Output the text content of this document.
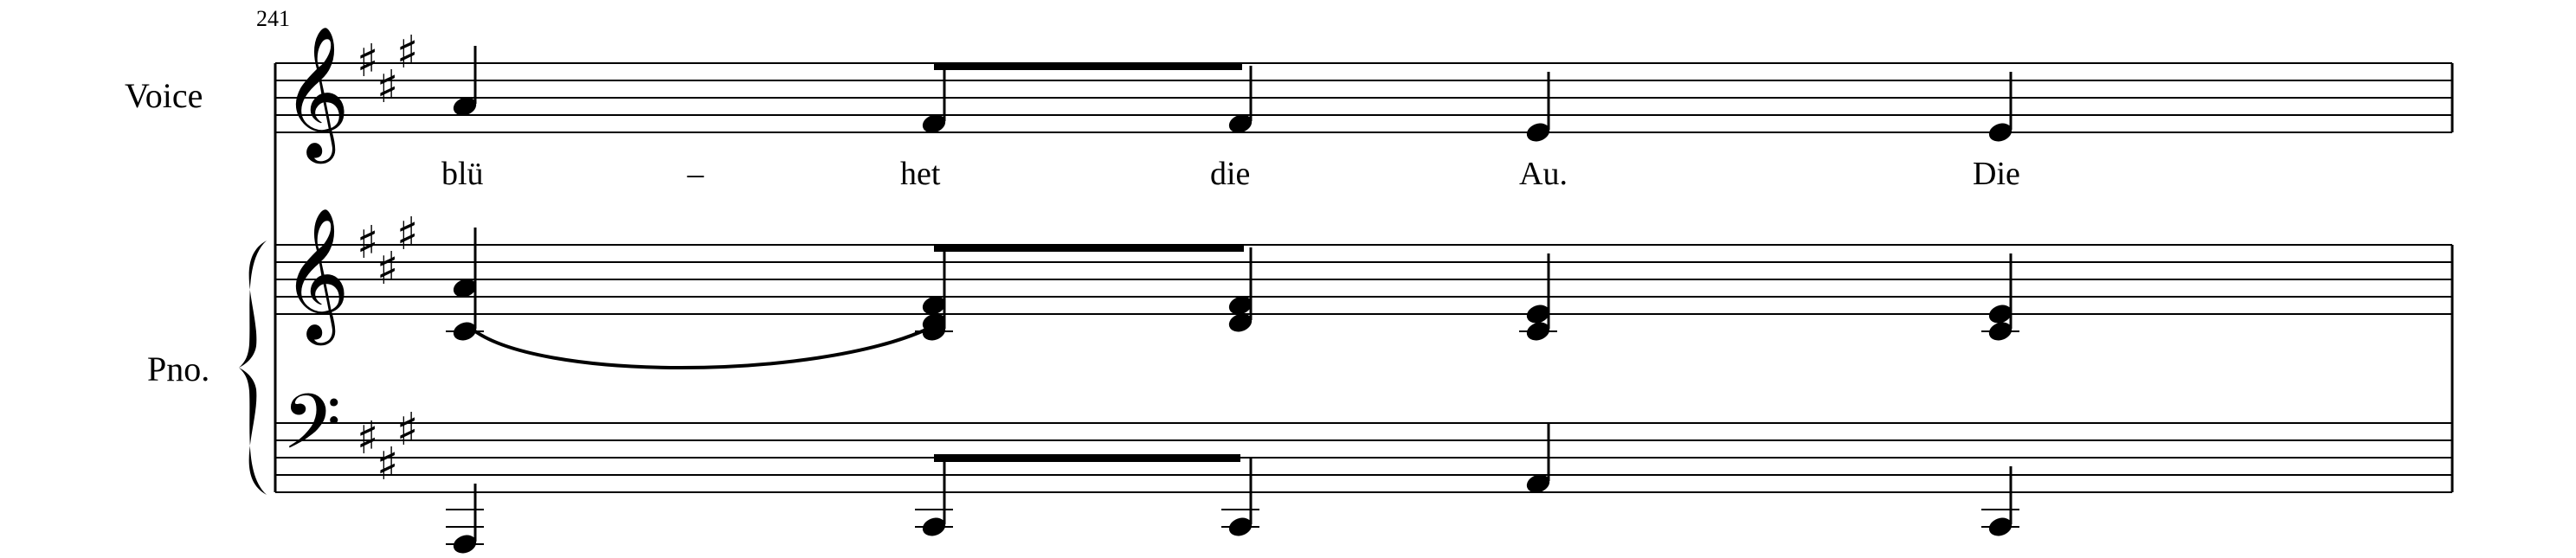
241
Voice
Pno.
𝄞
𝄞
𝄢
♯
♯
♯
♯
♯
♯
♯
♯
♯
blü	–	het	die	Au.	Die
